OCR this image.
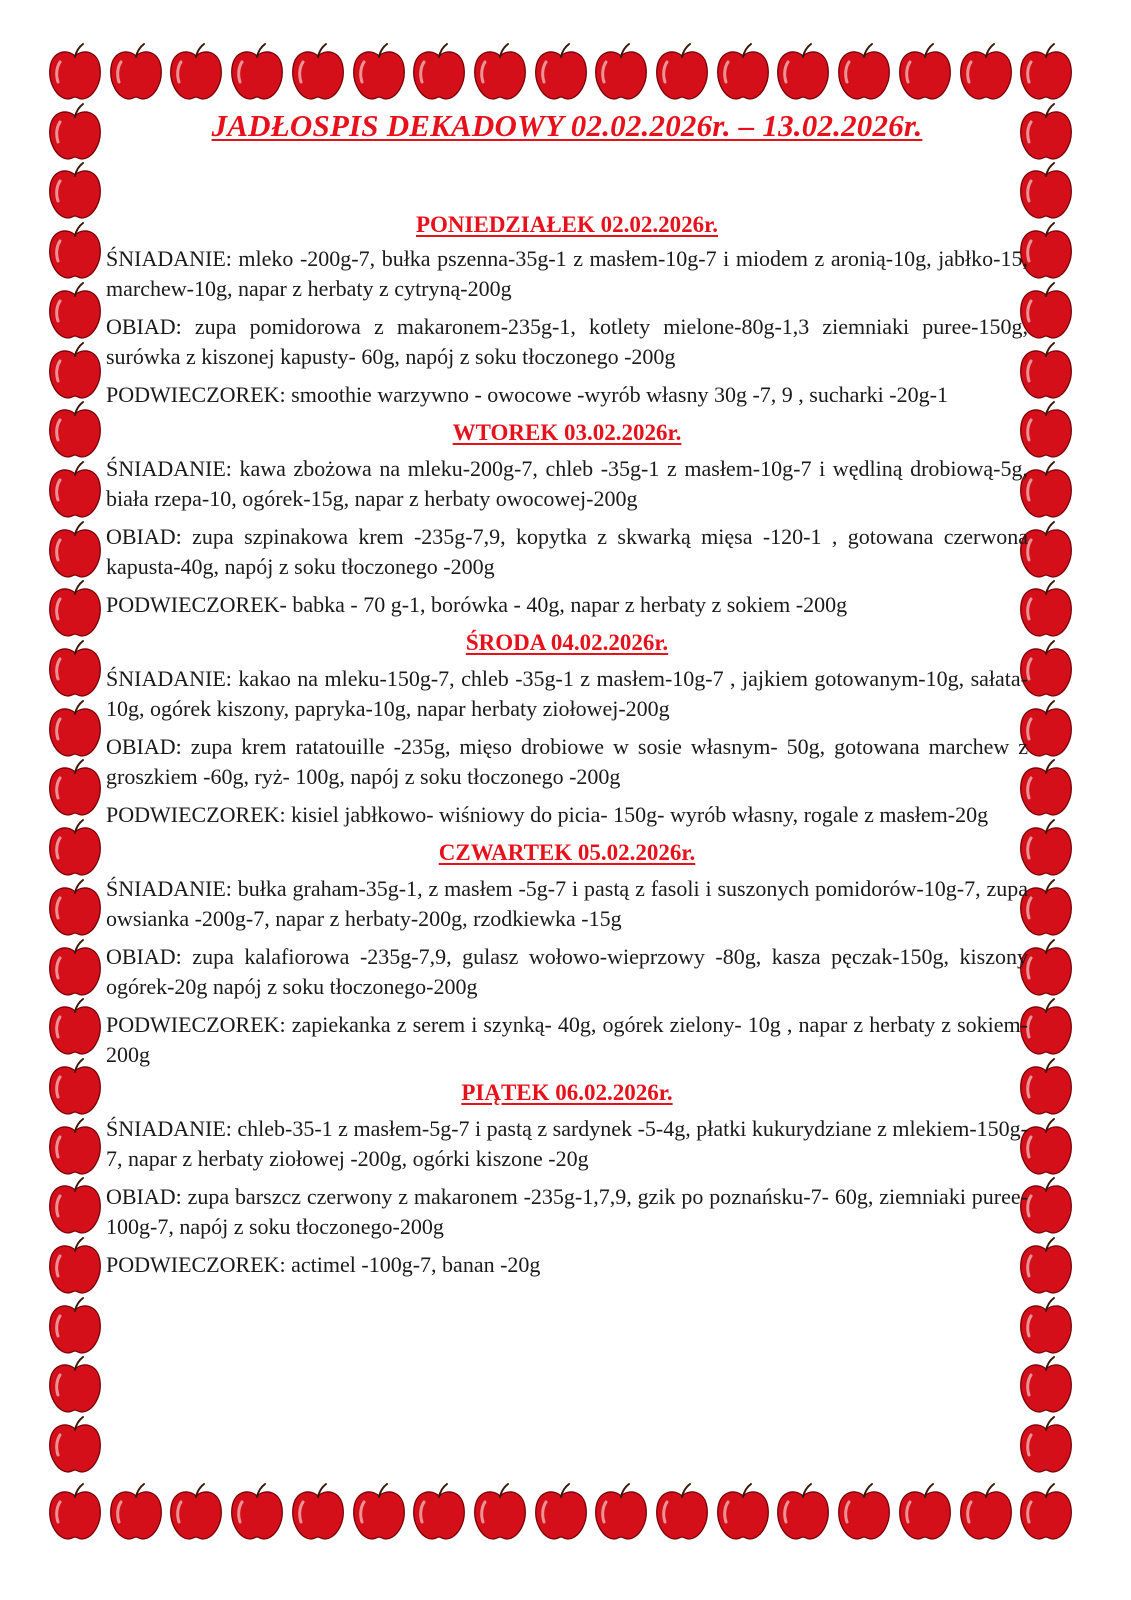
JADŁOSPIS DEKADOWY 02.02.2026r. – 13.02.2026r.
PONIEDZIAŁEK 02.02.2026r.

ŚNIADANIE: mleko -200g-7, bułka pszenna-35g-1 z masłem-10g-7 i miodem z aronią-10g, jabłko-15, marchew-10g, napar z herbaty z cytryną-200g

OBIAD: zupa pomidorowa z makaronem-235g-1, kotlety mielone-80g-1,3 ziemniaki puree-150g, surówka z kiszonej kapusty- 60g, napój z soku tłoczonego -200g

PODWIECZOREK: smoothie warzywno - owocowe -wyrób własny 30g -7, 9 , sucharki -20g-1

WTOREK 03.02.2026r.

ŚNIADANIE: kawa zbożowa na mleku-200g-7, chleb -35g-1 z masłem-10g-7 i wędliną drobiową-5g, biała rzepa-10, ogórek-15g, napar z herbaty owocowej-200g

OBIAD: zupa szpinakowa krem -235g-7,9, kopytka z skwarką mięsa -120-1 , gotowana czerwona kapusta-40g, napój z soku tłoczonego -200g

PODWIECZOREK- babka - 70 g-1, borówka - 40g, napar z herbaty z sokiem -200g

ŚRODA 04.02.2026r.

ŚNIADANIE: kakao na mleku-150g-7, chleb -35g-1 z masłem-10g-7 , jajkiem gotowanym-10g, sałata- 10g, ogórek kiszony, papryka-10g, napar herbaty ziołowej-200g

OBIAD: zupa krem ratatouille -235g, mięso drobiowe w sosie własnym- 50g, gotowana marchew z groszkiem -60g, ryż- 100g, napój z soku tłoczonego -200g

PODWIECZOREK: kisiel jabłkowo- wiśniowy do picia- 150g- wyrób własny, rogale z masłem-20g

CZWARTEK 05.02.2026r.

ŚNIADANIE: bułka graham-35g-1, z masłem -5g-7 i pastą z fasoli i suszonych pomidorów-10g-7, zupa owsianka -200g-7, napar z herbaty-200g, rzodkiewka -15g

OBIAD: zupa kalafiorowa -235g-7,9, gulasz wołowo-wieprzowy -80g, kasza pęczak-150g, kiszony ogórek-20g napój z soku tłoczonego-200g

PODWIECZOREK: zapiekanka z serem i szynką- 40g, ogórek zielony- 10g , napar z herbaty z sokiem- 200g

PIĄTEK 06.02.2026r.

ŚNIADANIE: chleb-35-1 z masłem-5g-7 i pastą z sardynek -5-4g, płatki kukurydziane z mlekiem-150g-7, napar z herbaty ziołowej -200g, ogórki kiszone -20g

OBIAD: zupa barszcz czerwony z makaronem -235g-1,7,9, gzik po poznańsku-7- 60g, ziemniaki puree- 100g-7, napój z soku tłoczonego-200g

PODWIECZOREK: actimel -100g-7, banan -20g
